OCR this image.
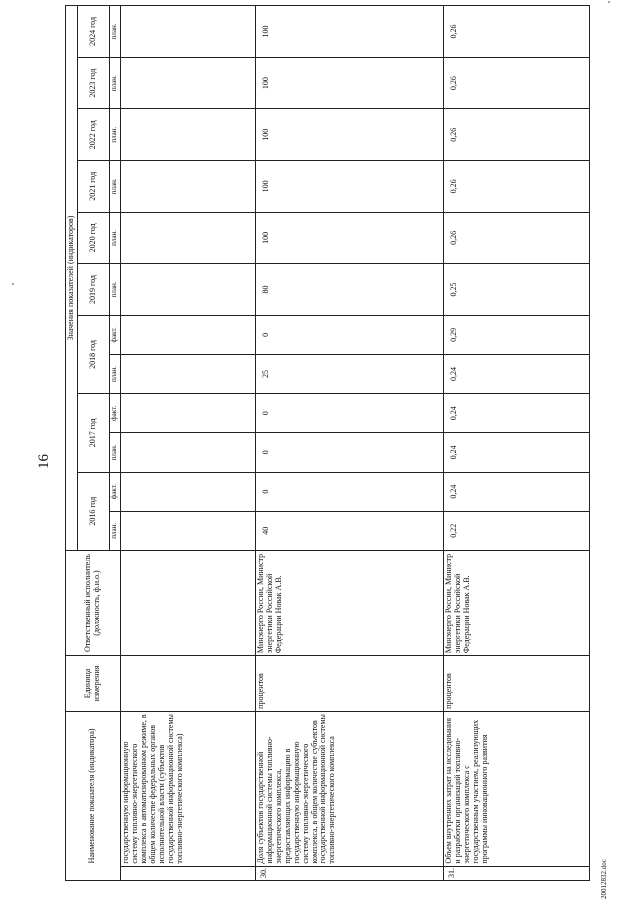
16
20012832.doc
Наименование показателя (индикатора)		Единица измерения	Ответственный исполнитель (должность, ф.и.о.)	Значения показателей (индикаторов)											
				2016 год		2017 год		2018 год		2019 год	2020 год	2021 год	2022 год	2023 год	2024 год
				план.	факт.	план.	факт.	план.	факт.	план.	план.	план.	план.	план.	план.
	государственную информационную систему топливно-энергетического комплекса в автоматизированном режиме, в общем количестве федеральных органов исполнительной власти (субъектов государственной информационной системы топливно-энергетического комплекса)														
30.	Доля субъектов государственной информационной системы топливно-энергетического комплекса, предоставляющих информацию в государственную информационную систему топливно-энергетического комплекса, в общем количестве субъектов государственной информационной системы топливно-энергетического комплекса	процентов	Минэнерго России, Министр энергетики Российской Федерации Новак А.В.	40	0	0	0	25	0	80	100	100	100	100	100
31.	Объем внутренних затрат на исследования и разработки организаций топливно-энергетического комплекса с государственным участием, реализующих программы инновационного развития	процентов	Минэнерго России, Министр энергетики Российской Федерации Новак А.В.	0,22	0,24	0,24	0,24	0,24	0,29	0,25	0,26	0,26	0,26	0,26	0,26
